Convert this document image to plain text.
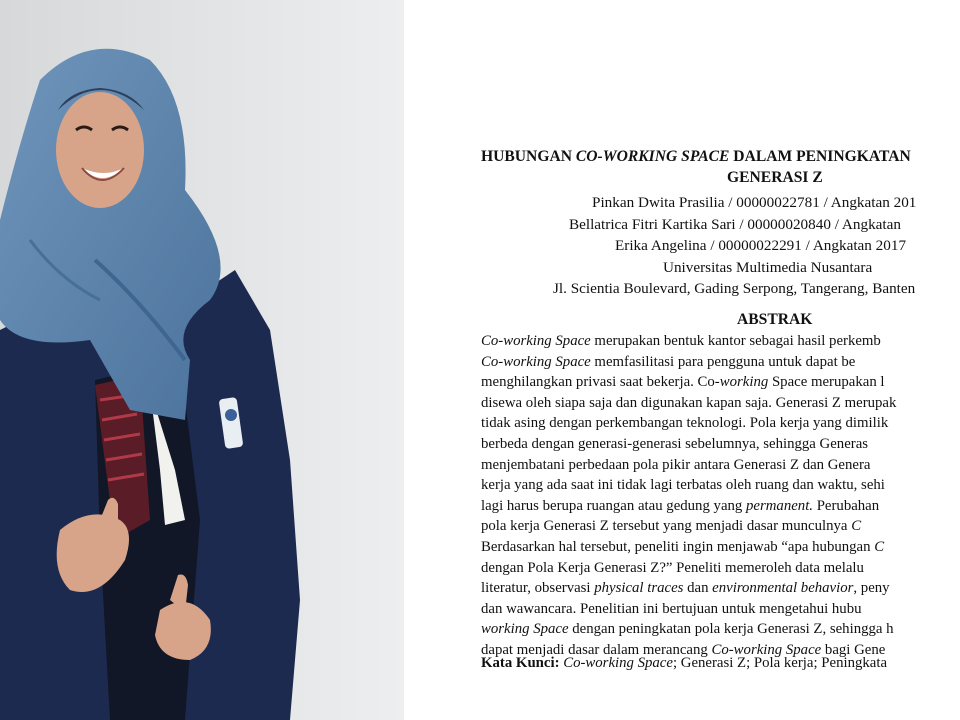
HUBUNGAN CO-WORKING SPACE DALAM PENINGKATAN
GENERASI Z
Pinkan Dwita Prasilia / 00000022781 / Angkatan 201
Bellatrica Fitri Kartika Sari / 00000020840 / Angkatan
Erika Angelina / 00000022291 / Angkatan 2017
Universitas Multimedia Nusantara
Jl. Scientia Boulevard, Gading Serpong, Tangerang, Banten
ABSTRAK
Co-working Space merupakan bentuk kantor sebagai hasil perkemb
Co-working Space memfasilitasi para pengguna untuk dapat be
menghilangkan privasi saat bekerja. Co-working Space merupakan l
disewa oleh siapa saja dan digunakan kapan saja. Generasi Z merupak
tidak asing dengan perkembangan teknologi. Pola kerja yang dimilik
berbeda dengan generasi-generasi sebelumnya, sehingga Generas
menjembatani perbedaan pola pikir antara Generasi Z dan Genera
kerja yang ada saat ini tidak lagi terbatas oleh ruang dan waktu, sehi
lagi harus berupa ruangan atau gedung yang permanent. Perubahan
pola kerja Generasi Z tersebut yang menjadi dasar munculnya C
Berdasarkan hal tersebut, peneliti ingin menjawab “apa hubungan C
dengan Pola Kerja Generasi Z?” Peneliti memeroleh data melalu
literatur, observasi physical traces dan environmental behavior, peny
dan wawancara. Penelitian ini bertujuan untuk mengetahui hubu
working Space dengan peningkatan pola kerja Generasi Z, sehingga h
dapat menjadi dasar dalam merancang Co-working Space bagi Gene
Kata Kunci: Co-working Space; Generasi Z; Pola kerja; Peningkata
